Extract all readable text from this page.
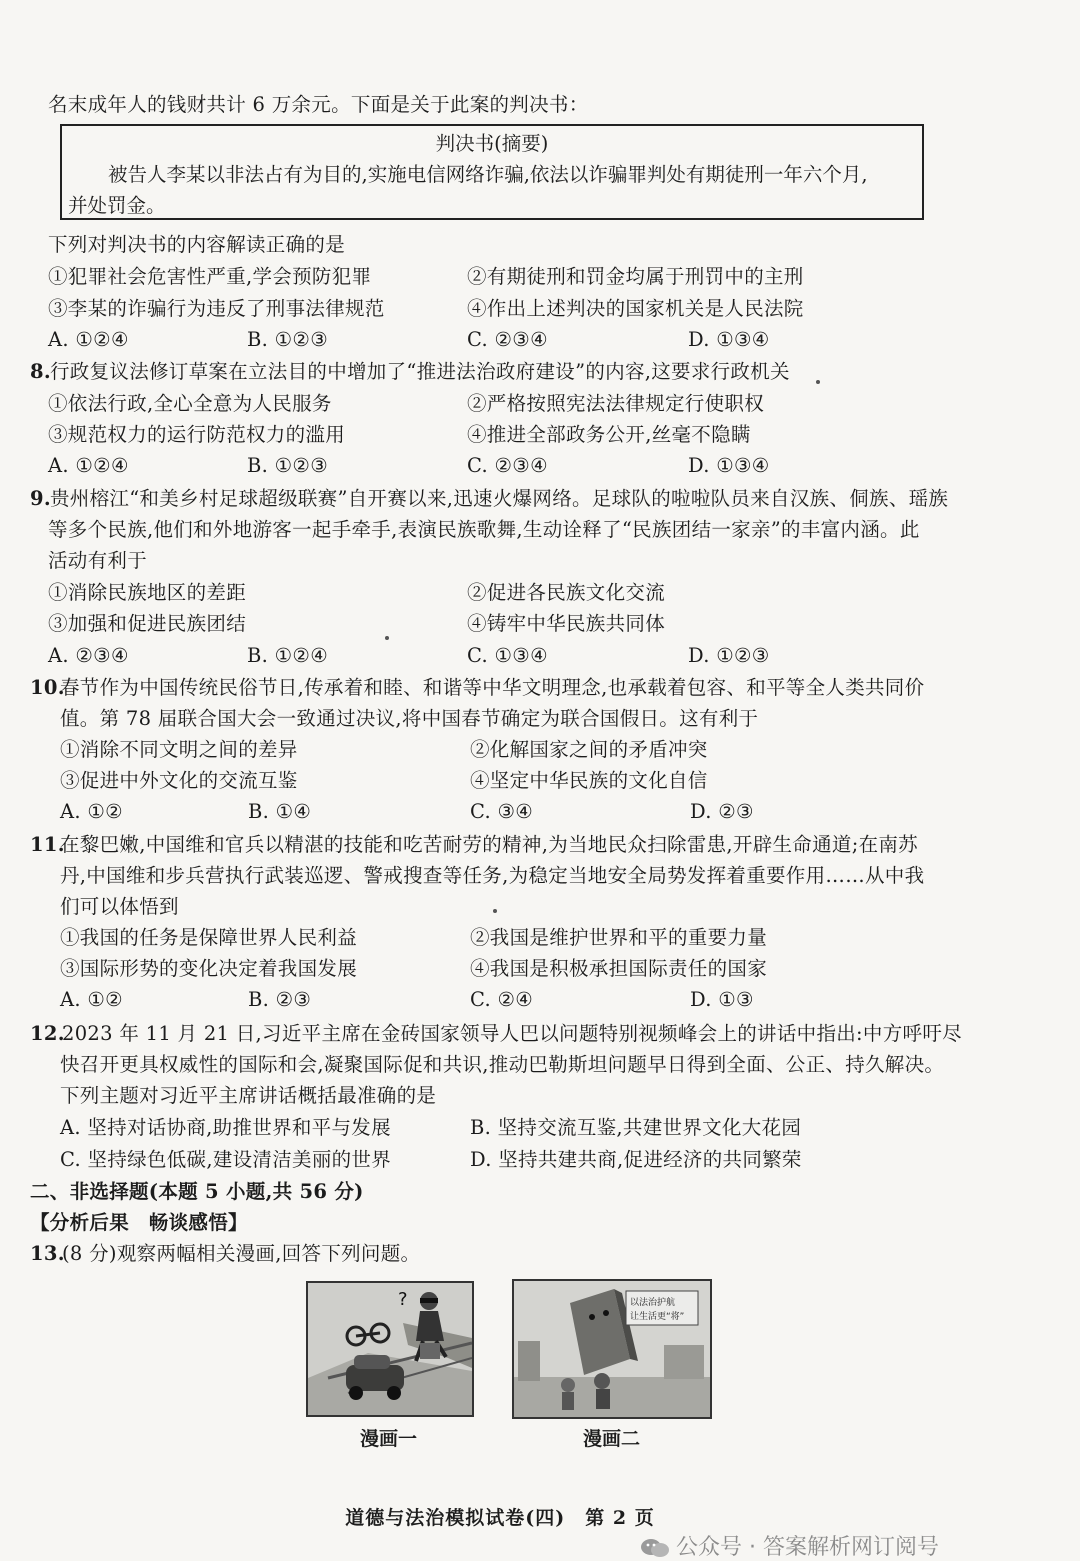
名末成年人的钱财共计 6 万余元。下面是关于此案的判决书：
判决书(摘要)
被告人李某以非法占有为目的,实施电信网络诈骗,依法以诈骗罪判处有期徒刑一年六个月,
并处罚金。
下列对判决书的内容解读正确的是
①犯罪社会危害性严重,学会预防犯罪	②有期徒刑和罚金均属于刑罚中的主刑
③李某的诈骗行为违反了刑事法律规范	④作出上述判决的国家机关是人民法院
A. ①②④	B. ①②③	C. ②③④	D. ①③④
8. 行政复议法修订草案在立法目的中增加了“推进法治政府建设”的内容,这要求行政机关
①依法行政,全心全意为人民服务	②严格按照宪法法律规定行使职权
③规范权力的运行防范权力的滥用	④推进全部政务公开,丝毫不隐瞒
A. ①②④	B. ①②③	C. ②③④	D. ①③④
9. 贵州榕江“和美乡村足球超级联赛”自开赛以来,迅速火爆网络。足球队的啦啦队员来自汉族、侗族、瑶族
等多个民族,他们和外地游客一起手牵手,表演民族歌舞,生动诠释了“民族团结一家亲”的丰富内涵。此
活动有利于
①消除民族地区的差距	②促进各民族文化交流
③加强和促进民族团结	④铸牢中华民族共同体
A. ②③④	B. ①②④	C. ①③④	D. ①②③
10.
春节作为中国传统民俗节日,传承着和睦、和谐等中华文明理念,也承载着包容、和平等全人类共同价
值。第 78 届联合国大会一致通过决议,将中国春节确定为联合国假日。这有利于
①消除不同文明之间的差异	②化解国家之间的矛盾冲突
③促进中外文化的交流互鉴	④坚定中华民族的文化自信
A. ①②	B. ①④	C. ③④	D. ②③
11.
在黎巴嫩,中国维和官兵以精湛的技能和吃苦耐劳的精神,为当地民众扫除雷患,开辟生命通道;在南苏
丹,中国维和步兵营执行武装巡逻、警戒搜查等任务,为稳定当地安全局势发挥着重要作用……从中我
们可以体悟到
①我国的任务是保障世界人民利益	②我国是维护世界和平的重要力量
③国际形势的变化决定着我国发展	④我国是积极承担国际责任的国家
A. ①②	B. ②③	C. ②④	D. ①③
12.
2023 年 11 月 21 日,习近平主席在金砖国家领导人巴以问题特别视频峰会上的讲话中指出:中方呼吁尽
快召开更具权威性的国际和会,凝聚国际促和共识,推动巴勒斯坦问题早日得到全面、公正、持久解决。
下列主题对习近平主席讲话概括最准确的是
A. 坚持对话协商,助推世界和平与发展	B. 坚持交流互鉴,共建世界文化大花园
C. 坚持绿色低碳,建设清洁美丽的世界	D. 坚持共建共商,促进经济的共同繁荣
二、非选择题(本题 5 小题,共 56 分)
【分析后果　畅谈感悟】
13.
(8 分)观察两幅相关漫画,回答下列问题。
?
漫画一
以法治护航
让生活更“将”
漫画二
道德与法治模拟试卷(四)　第 2 页
公众号 · 答案解析网订阅号
